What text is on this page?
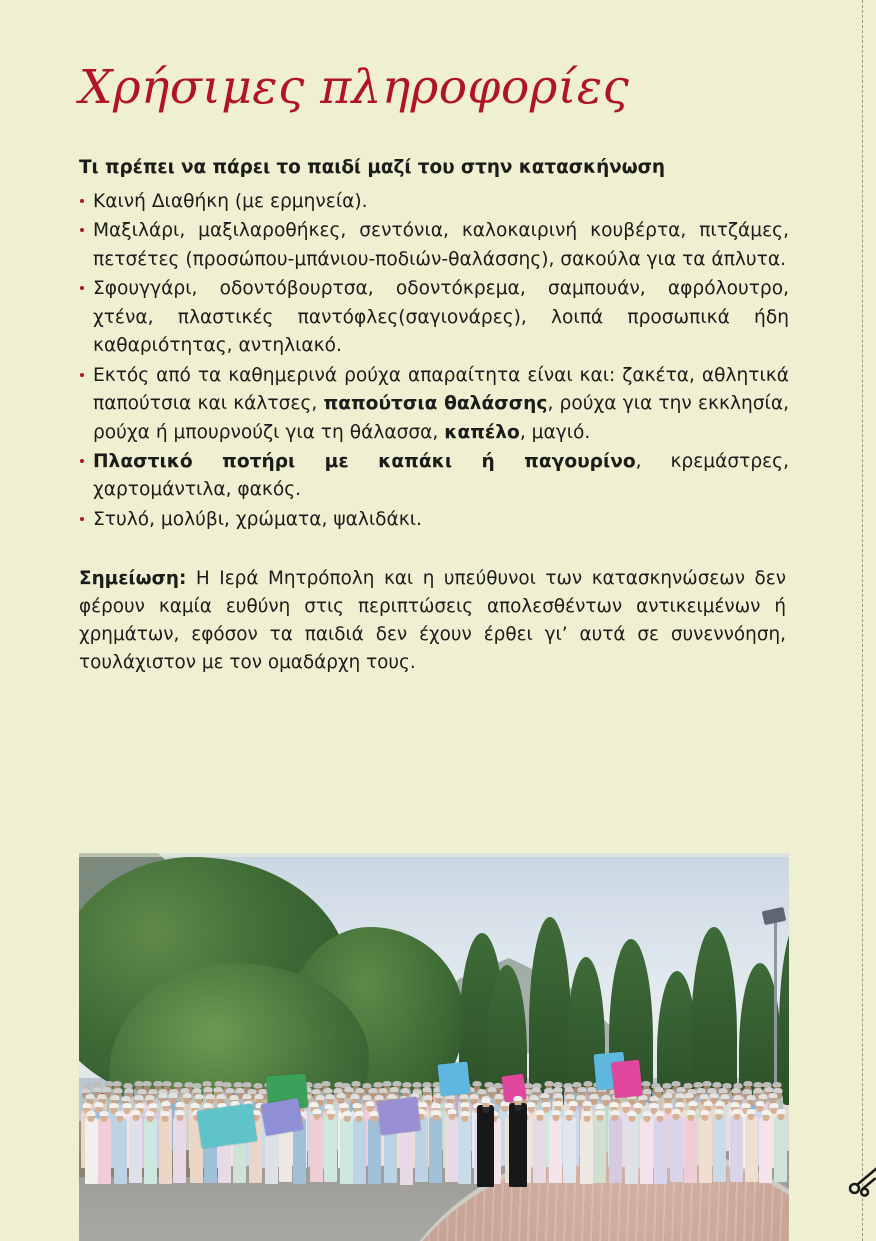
Χρήσιμες πληροφορίες
Τι πρέπει να πάρει το παιδί μαζί του στην κατασκήνωση
Καινή Διαθήκη (με ερμηνεία).
Μαξιλάρι, μαξιλαροθήκες, σεντόνια, καλοκαιρινή κουβέρτα, πιτζάμες, πετσέτες (προσώπου-μπάνιου-ποδιών-θαλάσσης), σακούλα για τα άπλυτα.
Σφουγγάρι, οδοντόβουρτσα, οδοντόκρεμα, σαμπουάν, αφρόλουτρο, χτένα, πλαστικές παντόφλες(σαγιονάρες), λοιπά προσωπικά ήδη καθαριότητας, αντηλιακό.
Εκτός από τα καθημερινά ρούχα απαραίτητα είναι και: ζακέτα, αθλητικά παπούτσια και κάλτσες, παπούτσια θαλάσσης, ρούχα για την εκκλησία, ρούχα ή μπουρνούζι για τη θάλασσα, καπέλο, μαγιό.
Πλαστικό ποτήρι με καπάκι ή παγουρίνο, κρεμάστρες, χαρτομάντιλα, φακός.
Στυλό, μολύβι, χρώματα, ψαλιδάκι.

Σημείωση: Η Ιερά Μητρόπολη και η υπεύθυνοι των κατασκηνώσεων δεν φέρουν καμία ευθύνη στις περιπτώσεις απολεσθέντων αντικειμένων ή χρημάτων, εφόσον τα παιδιά δεν έχουν έρθει γι’ αυτά σε συνεννόηση, τουλάχιστον με τον ομαδάρχη τους.
